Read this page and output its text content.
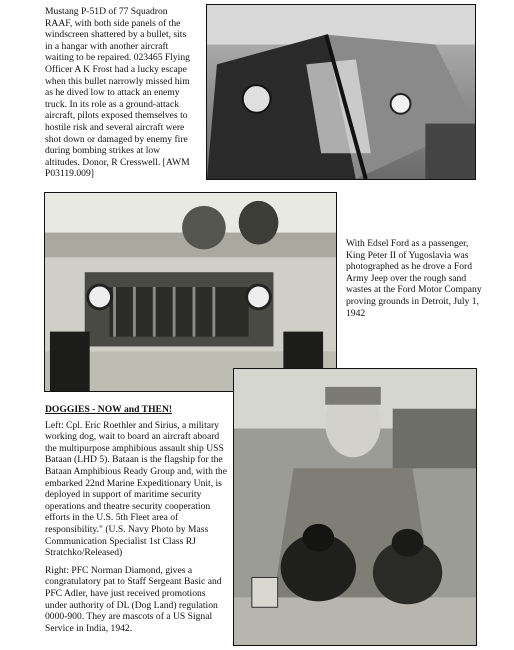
Mustang P-51D of 77 Squadron RAAF, with both side panels of the windscreen shattered by a bullet, sits in a hangar with another aircraft waiting to be repaired. 023465 Flying Officer A K Frost had a lucky escape when this bullet narrowly missed him as he dived low to attack an enemy truck. In its role as a ground-attack aircraft, pilots exposed themselves to hostile risk and several aircraft were shot down or damaged by enemy fire during bombing strikes at low altitudes. Donor, R Cresswell. [AWM P03119.009]
With Edsel Ford as a passenger, King Peter II of Yugoslavia was photographed as he drove a Ford Army Jeep over the rough sand wastes at the Ford Motor Company proving grounds in Detroit, July 1, 1942
DOGGIES - NOW and THEN!

Left: Cpl. Eric Roethler and Sirius, a military working dog, wait to board an aircraft aboard the multipurpose amphibious assault ship USS Bataan (LHD 5). Bataan is the flagship for the Bataan Amphibious Ready Group and, with the embarked 22nd Marine Expeditionary Unit, is deployed in support of maritime security operations and theatre security cooperation efforts in the U.S. 5th Fleet area of responsibility." (U.S. Navy Photo by Mass Communication Specialist 1st Class RJ Stratchko/Released)

Right: PFC Norman Diamond, gives a congratulatory pat to Staff Sergeant Basic and PFC Adler, have just received promotions under authority of DL (Dog Land) regulation 0000-900. They are mascots of a US Signal Service in India, 1942.
